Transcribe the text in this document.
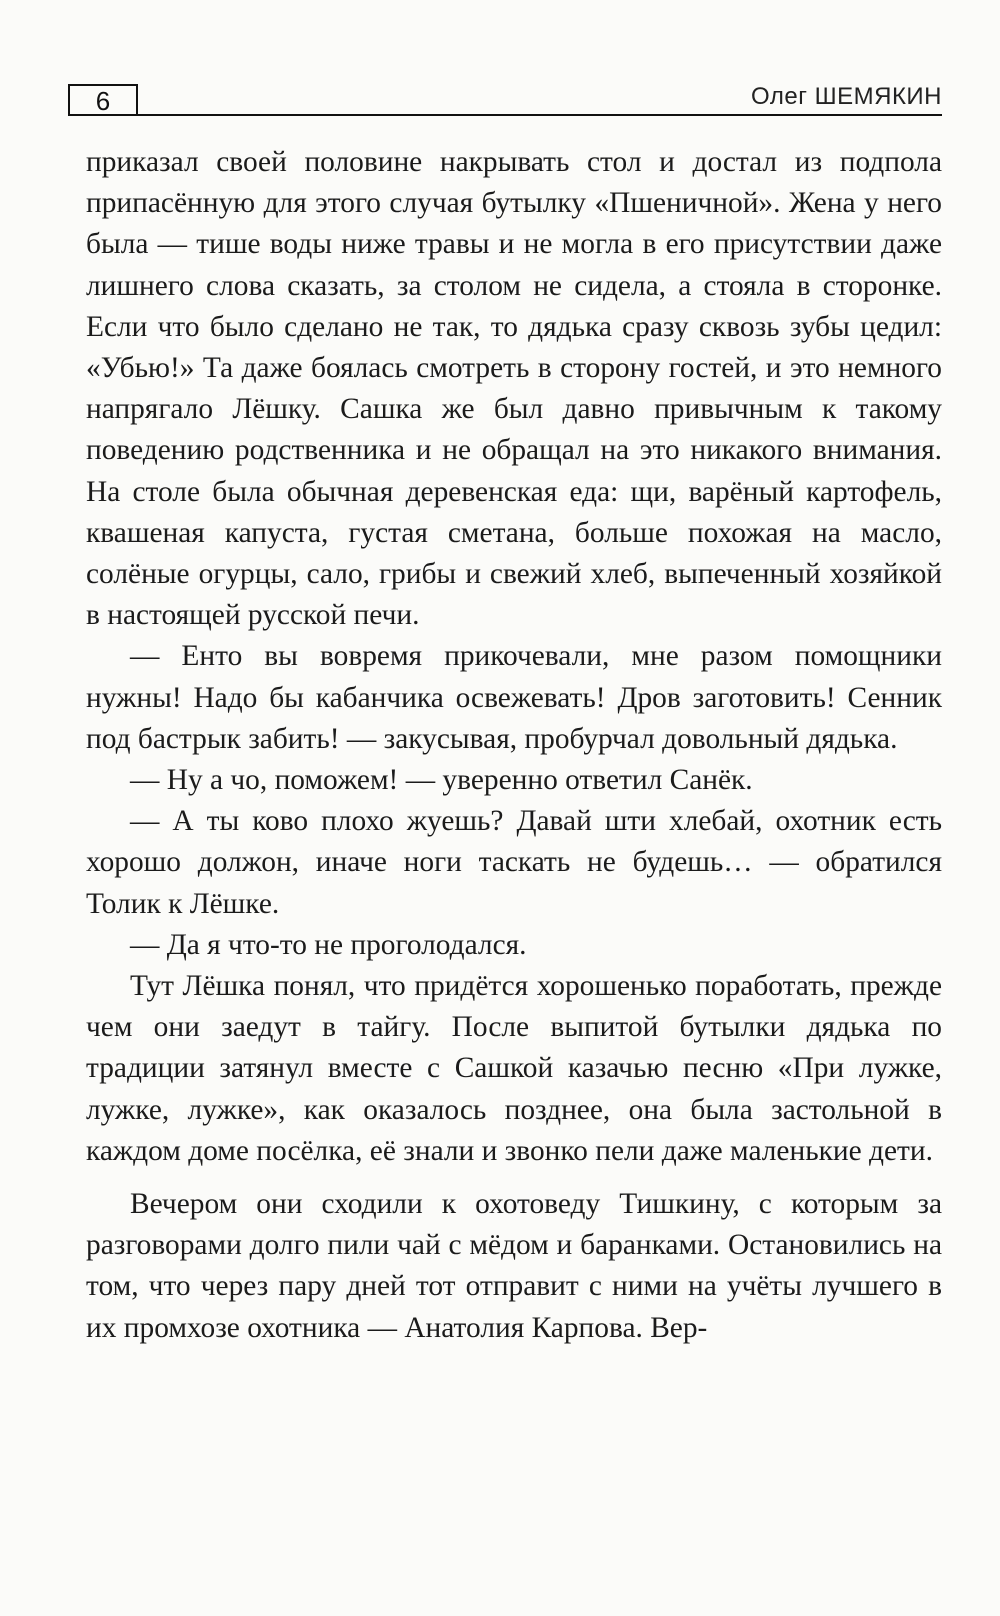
6	Олег ШЕМЯКИН

приказал своей половине накрывать стол и достал из подпола припасённую для этого случая бутылку «Пшеничной». Жена у него была — тише воды ниже травы и не могла в его присутствии даже лишнего слова сказать, за столом не сидела, а стояла в сторонке. Если что было сделано не так, то дядька сразу сквозь зубы цедил: «Убью!» Та даже боялась смотреть в сторону гостей, и это немного напрягало Лёшку. Сашка же был давно привычным к такому поведению родственника и не обращал на это никакого внимания. На столе была обычная деревенская еда: щи, варёный картофель, квашеная капуста, густая сметана, больше похожая на масло, солёные огурцы, сало, грибы и свежий хлеб, выпеченный хозяйкой в настоящей русской печи.

— Енто вы вовремя прикочевали, мне разом помощники нужны! Надо бы кабанчика освежевать! Дров заготовить! Сенник под бастрык забить! — закусывая, пробурчал довольный дядька.

— Ну а чо, поможем! — уверенно ответил Санёк.

— А ты ково плохо жуешь? Давай шти хлебай, охотник есть хорошо должон, иначе ноги таскать не будешь… — обратился Толик к Лёшке.

— Да я что-то не проголодался.

Тут Лёшка понял, что придётся хорошенько поработать, прежде чем они заедут в тайгу. После выпитой бутылки дядька по традиции затянул вместе с Сашкой казачью песню «При лужке, лужке, лужке», как оказалось позднее, она была застольной в каждом доме посёлка, её знали и звонко пели даже маленькие дети.

Вечером они сходили к охотоведу Тишкину, с которым за разговорами долго пили чай с мёдом и баранками. Остановились на том, что через пару дней тот отправит с ними на учёты лучшего в их промхозе охотника — Анатолия Карпова. Вер-
